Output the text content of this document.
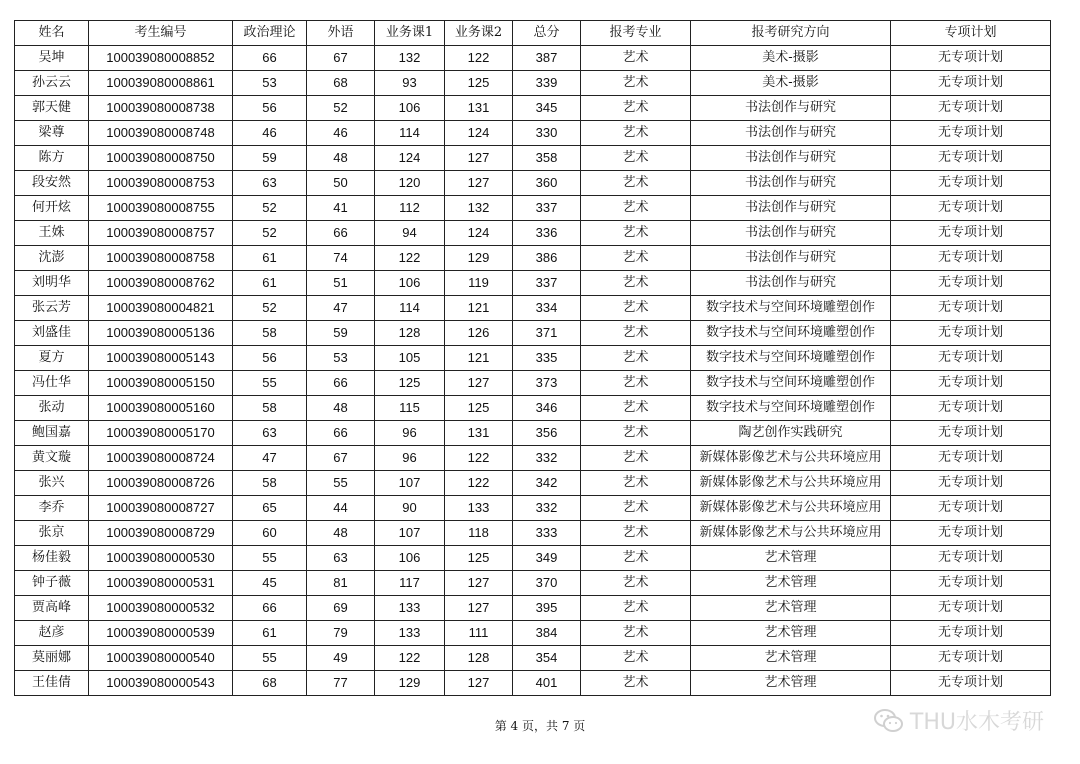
姓名	考生编号	政治理论	外语	业务课1	业务课2	总分	报考专业	报考研究方向	专项计划
吴坤	100039080008852	66	67	132	122	387	艺术	美术-摄影	无专项计划
孙云云	100039080008861	53	68	93	125	339	艺术	美术-摄影	无专项计划
郭天健	100039080008738	56	52	106	131	345	艺术	书法创作与研究	无专项计划
梁尊	100039080008748	46	46	114	124	330	艺术	书法创作与研究	无专项计划
陈方	100039080008750	59	48	124	127	358	艺术	书法创作与研究	无专项计划
段安然	100039080008753	63	50	120	127	360	艺术	书法创作与研究	无专项计划
何开炫	100039080008755	52	41	112	132	337	艺术	书法创作与研究	无专项计划
王姝	100039080008757	52	66	94	124	336	艺术	书法创作与研究	无专项计划
沈澎	100039080008758	61	74	122	129	386	艺术	书法创作与研究	无专项计划
刘明华	100039080008762	61	51	106	119	337	艺术	书法创作与研究	无专项计划
张云芳	100039080004821	52	47	114	121	334	艺术	数字技术与空间环境雕塑创作	无专项计划
刘盛佳	100039080005136	58	59	128	126	371	艺术	数字技术与空间环境雕塑创作	无专项计划
夏方	100039080005143	56	53	105	121	335	艺术	数字技术与空间环境雕塑创作	无专项计划
冯仕华	100039080005150	55	66	125	127	373	艺术	数字技术与空间环境雕塑创作	无专项计划
张动	100039080005160	58	48	115	125	346	艺术	数字技术与空间环境雕塑创作	无专项计划
鲍国嘉	100039080005170	63	66	96	131	356	艺术	陶艺创作实践研究	无专项计划
黄文璇	100039080008724	47	67	96	122	332	艺术	新媒体影像艺术与公共环境应用	无专项计划
张兴	100039080008726	58	55	107	122	342	艺术	新媒体影像艺术与公共环境应用	无专项计划
李乔	100039080008727	65	44	90	133	332	艺术	新媒体影像艺术与公共环境应用	无专项计划
张京	100039080008729	60	48	107	118	333	艺术	新媒体影像艺术与公共环境应用	无专项计划
杨佳毅	100039080000530	55	63	106	125	349	艺术	艺术管理	无专项计划
钟子薇	100039080000531	45	81	117	127	370	艺术	艺术管理	无专项计划
贾高峰	100039080000532	66	69	133	127	395	艺术	艺术管理	无专项计划
赵彦	100039080000539	61	79	133	111	384	艺术	艺术管理	无专项计划
莫丽娜	100039080000540	55	49	122	128	354	艺术	艺术管理	无专项计划
王佳倩	100039080000543	68	77	129	127	401	艺术	艺术管理	无专项计划
第 4 页，共 7 页	THU水木考研
